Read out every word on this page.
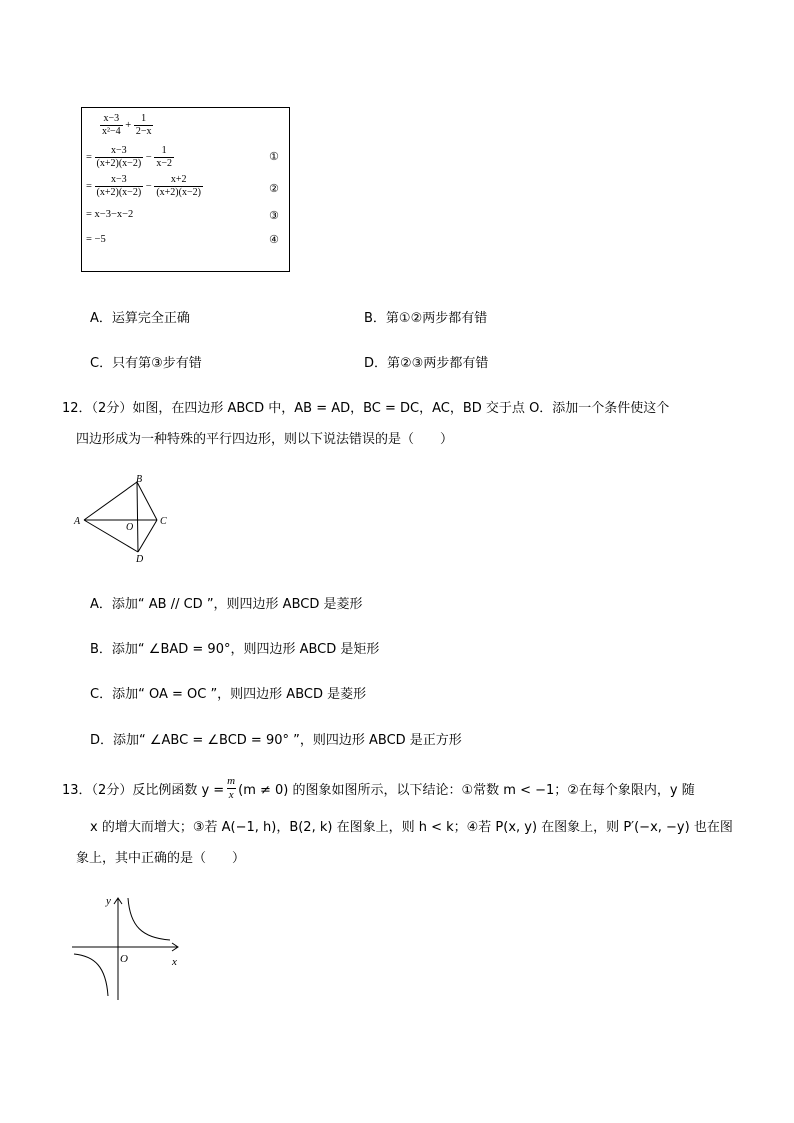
$\frac{x-3}{\text{x²−4}} + \frac{1}{2-x}$
= $\frac{x-3}{(x+2)(x-2)} - \frac{1}{x-2}$	①
= $\frac{x-3}{(x+2)(x-2)} - \frac{x+2}{(x+2)(x-2)}$	②
= x−3−x−2	③
= −5	④
A．运算完全正确	B．第①②两步都有错
C．只有第③步有错	D．第②③两步都有错
12．（2分）如图，在四边形 ABCD 中，AB = AD，BC = DC，AC，BD 交于点 O．添加一个条件使这个
四边形成为一种特殊的平行四边形，则以下说法错误的是（　　）
A
B
C
D
O
A．添加“ AB // CD ”，则四边形 ABCD 是菱形
B．添加“ ∠BAD = 90°，则四边形 ABCD 是矩形
C．添加“ OA = OC ”，则四边形 ABCD 是菱形
D．添加“ ∠ABC = ∠BCD = 90° ”，则四边形 ABCD 是正方形
13．（2分）反比例函数 $y = \frac{m}{x} (m \ne 0)$ 的图象如图所示，以下结论：①常数 m < −1；②在每个象限内，y 随
x 的增大而增大；③若 A(−1, h)，B(2, k) 在图象上，则 h < k；④若 P(x, y) 在图象上，则 P′(−x, −y) 也在图
象上，其中正确的是（　　）
y
x
O
